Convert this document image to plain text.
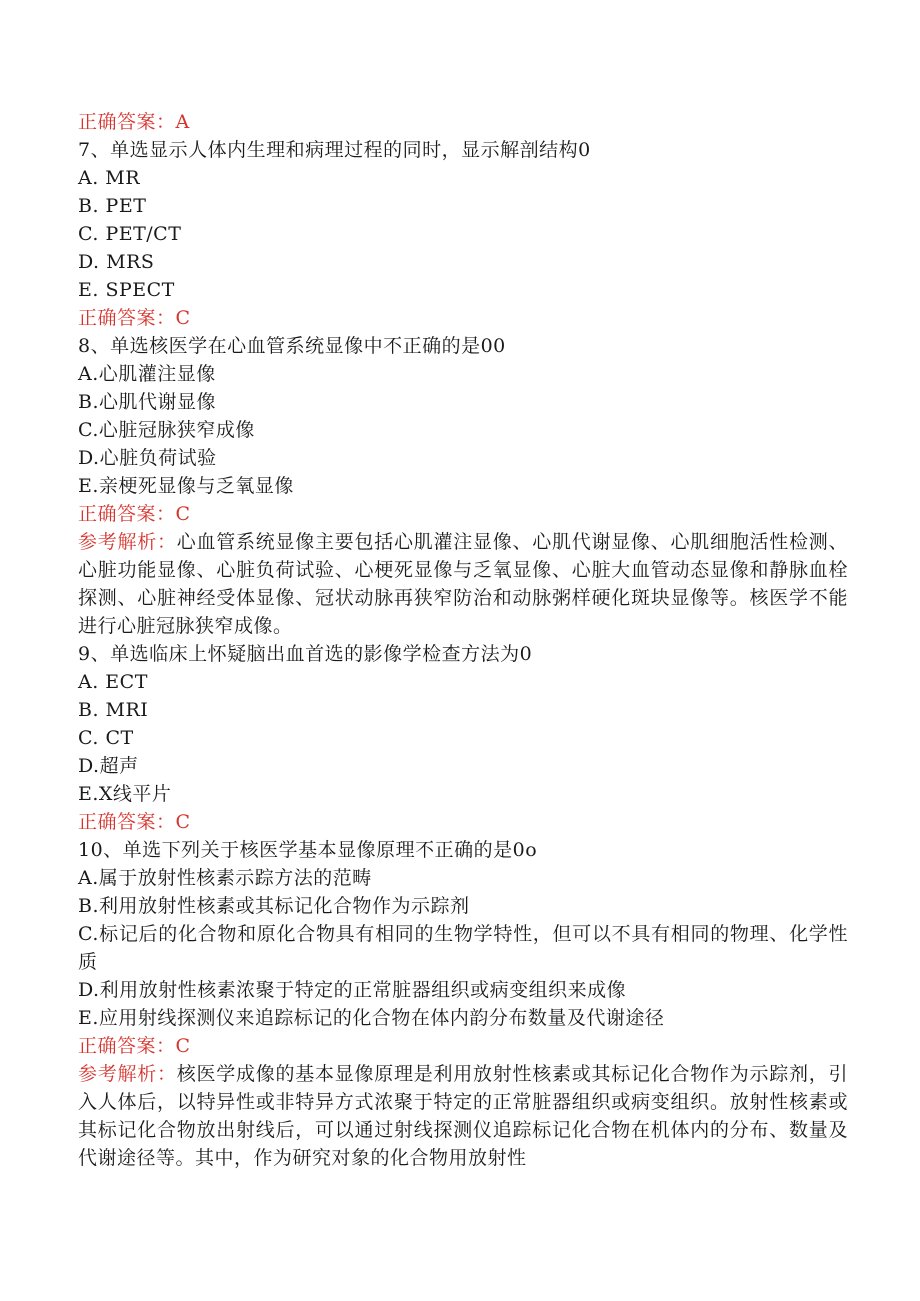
正确答案：A
7、单选显示人体内生理和病理过程的同时，显示解剖结构0
A. MR
B. PET
C. PET/CT
D. MRS
E. SPECT
正确答案：C
8、单选核医学在心血管系统显像中不正确的是00
A.心肌灌注显像
B.心肌代谢显像
C.心脏冠脉狭窄成像
D.心脏负荷试验
E.亲梗死显像与乏氧显像
正确答案：C
参考解析：心血管系统显像主要包括心肌灌注显像、心肌代谢显像、心肌细胞活性检测、心脏功能显像、心脏负荷试验、心梗死显像与乏氧显像、心脏大血管动态显像和静脉血栓探测、心脏神经受体显像、冠状动脉再狭窄防治和动脉粥样硬化斑块显像等。核医学不能进行心脏冠脉狭窄成像。
9、单选临床上怀疑脑出血首选的影像学检查方法为0
A. ECT
B. MRI
C. CT
D.超声
E.X线平片
正确答案：C
10、单选下列关于核医学基本显像原理不正确的是0o
A.属于放射性核素示踪方法的范畴
B.利用放射性核素或其标记化合物作为示踪剂
C.标记后的化合物和原化合物具有相同的生物学特性，但可以不具有相同的物理、化学性质
D.利用放射性核素浓聚于特定的正常脏器组织或病变组织来成像
E.应用射线探测仪来追踪标记的化合物在体内韵分布数量及代谢途径
正确答案：C
参考解析：核医学成像的基本显像原理是利用放射性核素或其标记化合物作为示踪剂，引入人体后，以特异性或非特异方式浓聚于特定的正常脏器组织或病变组织。放射性核素或其标记化合物放出射线后，可以通过射线探测仪追踪标记化合物在机体内的分布、数量及代谢途径等。其中，作为研究对象的化合物用放射性
